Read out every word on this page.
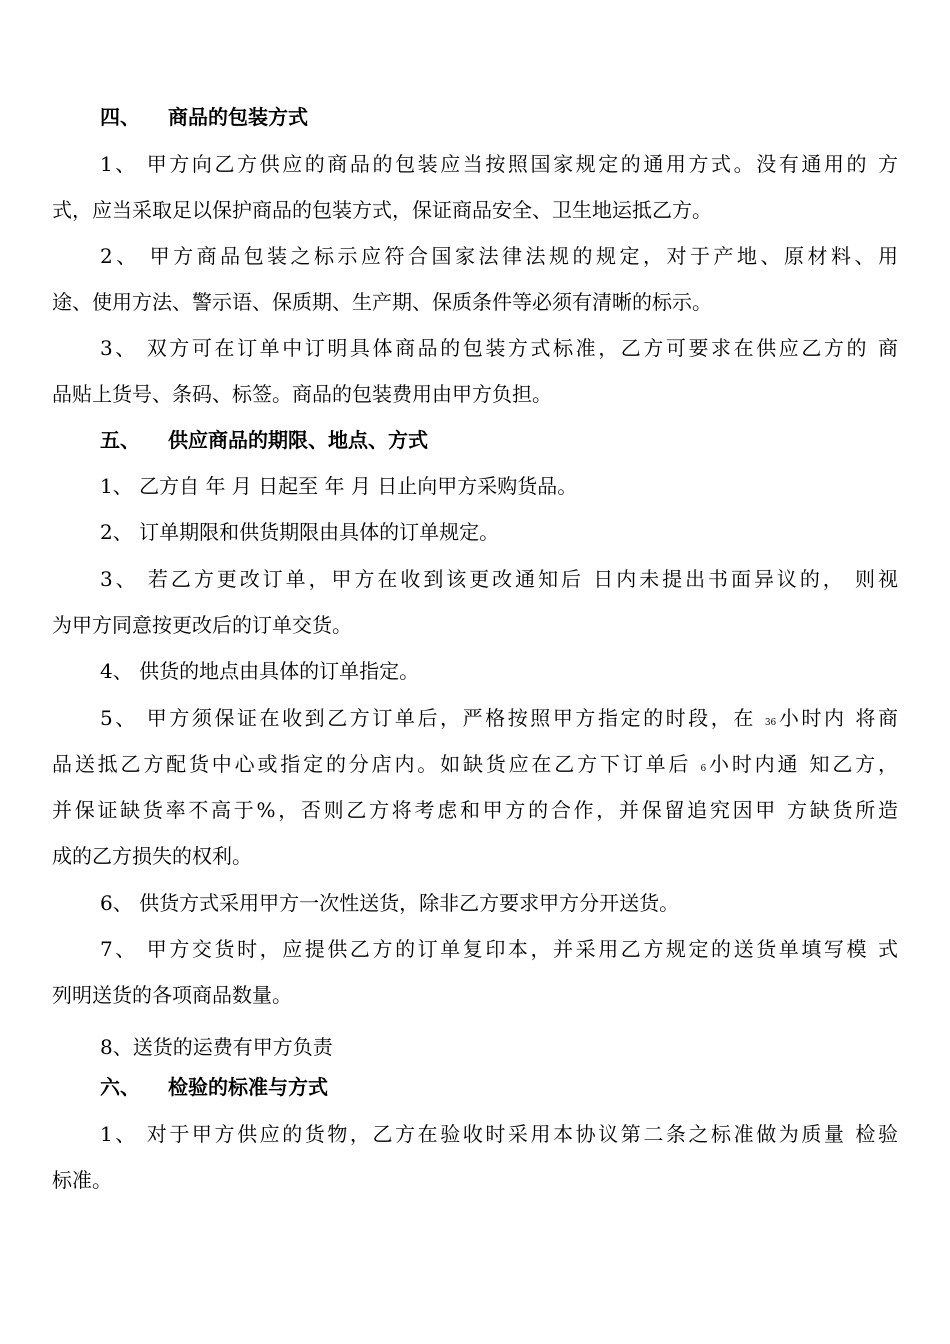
四、 商品的包装方式
1、 甲方向乙方供应的商品的包装应当按照国家规定的通用方式。没有通用的 方
式，应当采取足以保护商品的包装方式，保证商品安全、卫生地运抵乙方。
2、 甲方商品包装之标示应符合国家法律法规的规定，对于产地、原材料、用
途、使用方法、警示语、保质期、生产期、保质条件等必须有清晰的标示。
3、 双方可在订单中订明具体商品的包装方式标准，乙方可要求在供应乙方的 商
品贴上货号、条码、标签。商品的包装费用由甲方负担。
五、 供应商品的期限、地点、方式
1、 乙方自 年 月 日起至 年 月 日止向甲方采购货品。
2、 订单期限和供货期限由具体的订单规定。
3、 若乙方更改订单，甲方在收到该更改通知后 日内未提出书面异议的， 则视
为甲方同意按更改后的订单交货。
4、 供货的地点由具体的订单指定。
5、 甲方须保证在收到乙方订单后，严格按照甲方指定的时段，在 36小时内 将商
品送抵乙方配货中心或指定的分店内。如缺货应在乙方下订单后 6小时内通 知乙方，
并保证缺货率不高于%，否则乙方将考虑和甲方的合作，并保留追究因甲 方缺货所造
成的乙方损失的权利。
6、 供货方式采用甲方一次性送货，除非乙方要求甲方分开送货。
7、 甲方交货时，应提供乙方的订单复印本，并采用乙方规定的送货单填写模 式
列明送货的各项商品数量。
8、送货的运费有甲方负责
六、 检验的标准与方式
1、 对于甲方供应的货物，乙方在验收时采用本协议第二条之标准做为质量 检验
标准。
